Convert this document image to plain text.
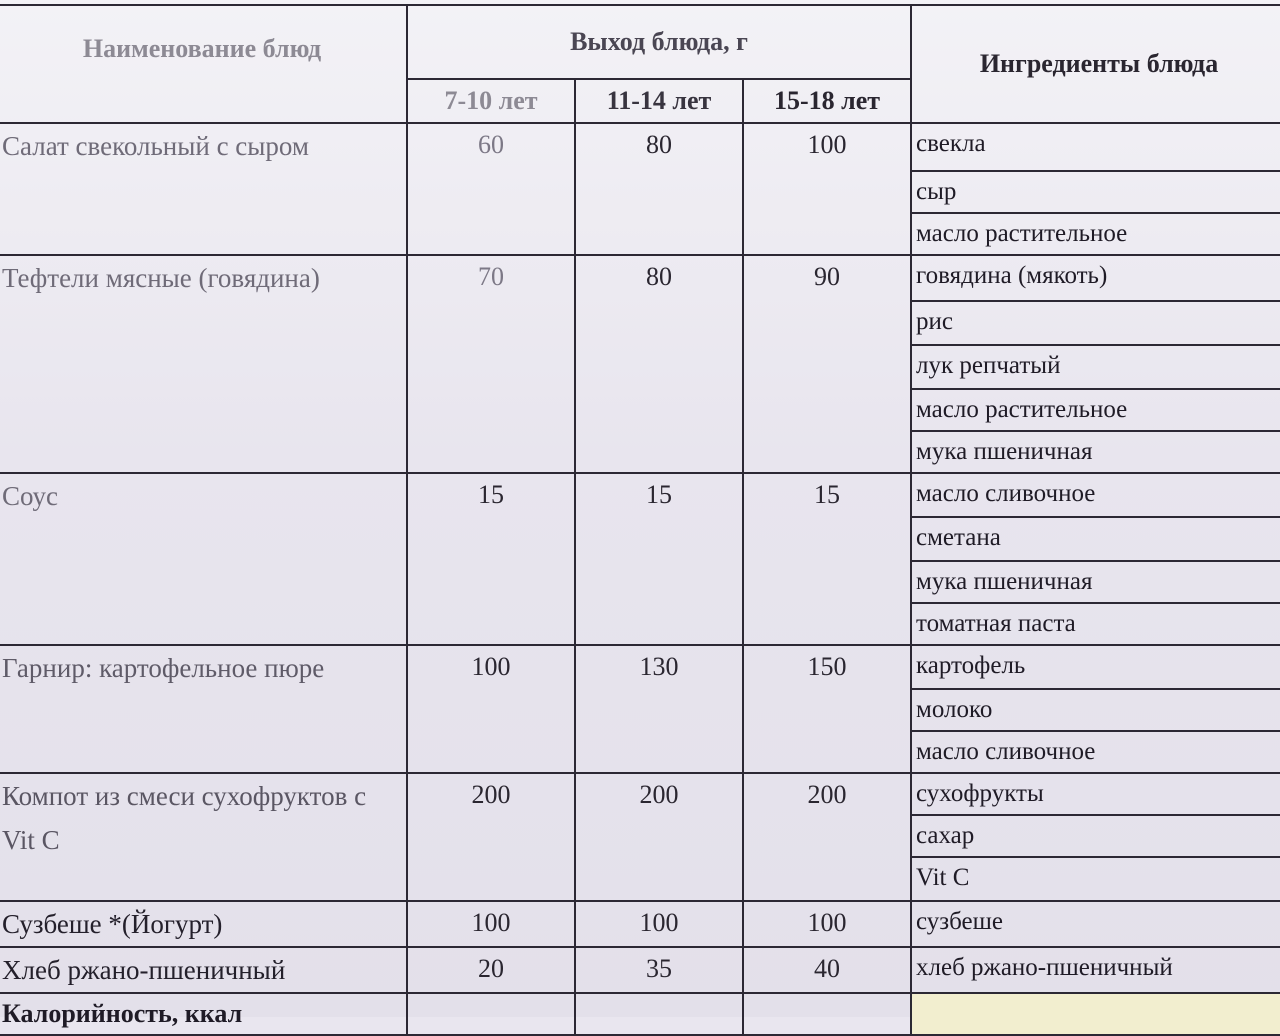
Наименование блюд	Выход блюда, г			Ингредиенты блюда
	7-10 лет	11-14 лет	15-18 лет	
Салат свекольный с сыром	60	80	100	свекла
				сыр
				масло растительное
Тефтели мясные (говядина)	70	80	90	говядина (мякоть)
				рис
				лук репчатый
				масло растительное
				мука пшеничная
Соус	15	15	15	масло сливочное
				сметана
				мука пшеничная
				томатная паста
Гарнир: картофельное пюре	100	130	150	картофель
				молоко
				масло сливочное
Компот из смеси сухофруктов с Vit C	200	200	200	сухофрукты
				сахар
				Vit C
Сузбеше *(Йогурт)	100	100	100	сузбеше
Хлеб ржано-пшеничный	20	35	40	хлеб ржано-пшеничный
Калорийность, ккал				
